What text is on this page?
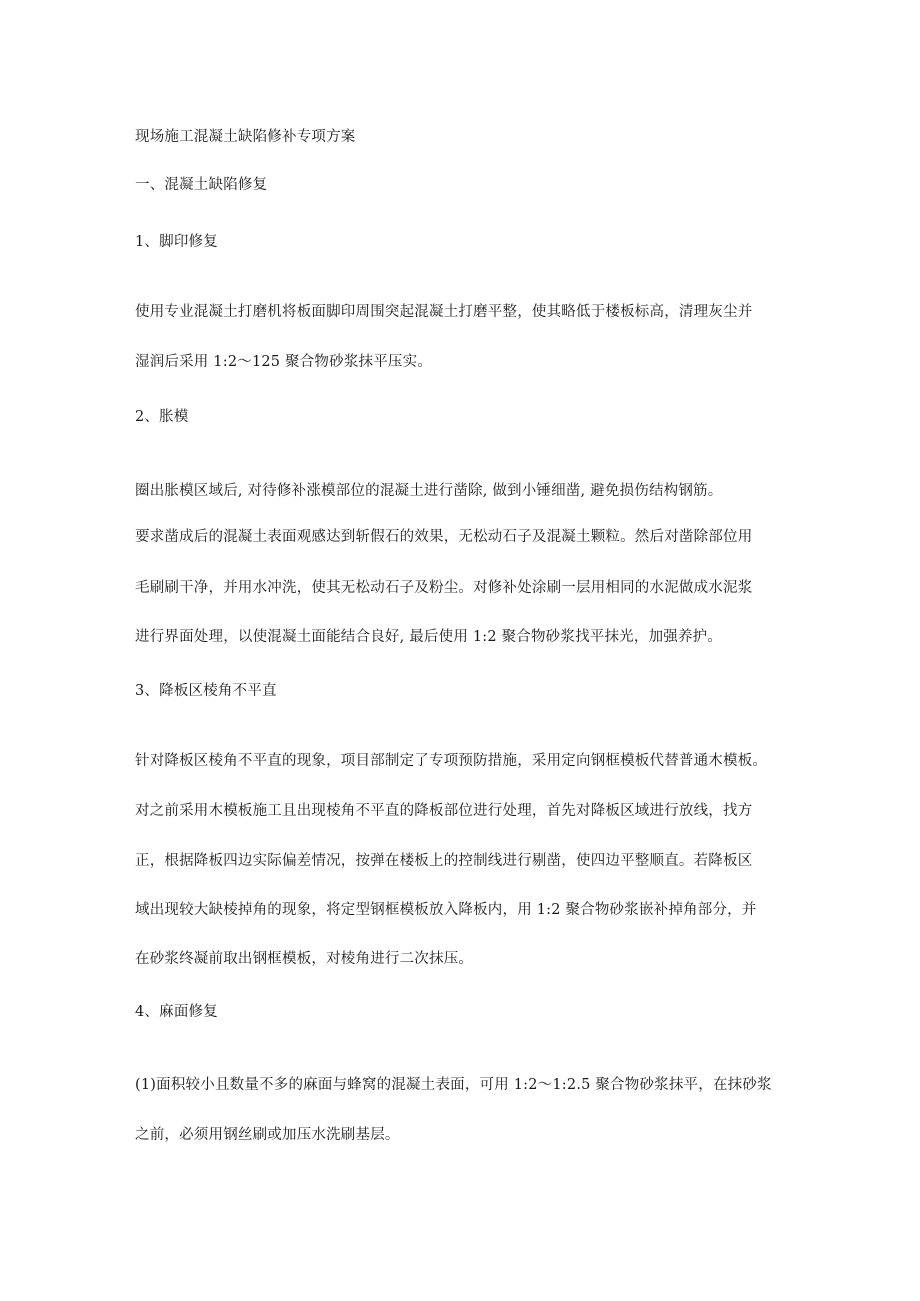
现场施工混凝土缺陷修补专项方案
一、混凝土缺陷修复
1、脚印修复
使用专业混凝土打磨机将板面脚印周围突起混凝土打磨平整，使其略低于楼板标高，清理灰尘并
湿润后采用 1:2～125 聚合物砂浆抹平压实。
2、胀模
圈出胀模区域后, 对待修补涨模部位的混凝土进行凿除, 做到小锤细凿, 避免损伤结构钢筋。
要求凿成后的混凝土表面观感达到斩假石的效果，无松动石子及混凝土颗粒。然后对凿除部位用
毛刷刷干净，并用水冲洗，使其无松动石子及粉尘。对修补处涂刷一层用相同的水泥做成水泥浆
进行界面处理，以使混凝土面能结合良好, 最后使用 1:2 聚合物砂浆找平抹光，加强养护。
3、降板区棱角不平直
针对降板区棱角不平直的现象，项目部制定了专项预防措施，采用定向钢框模板代替普通木模板。
对之前采用木模板施工且出现棱角不平直的降板部位进行处理，首先对降板区域进行放线，找方
正，根据降板四边实际偏差情况，按弹在楼板上的控制线进行剔凿，使四边平整顺直。若降板区
域出现较大缺棱掉角的现象，将定型钢框模板放入降板内，用 1:2 聚合物砂浆嵌补掉角部分，并
在砂浆终凝前取出钢框模板，对棱角进行二次抹压。
4、麻面修复
(1)面积较小且数量不多的麻面与蜂窝的混凝土表面，可用 1:2～1:2.5 聚合物砂浆抹平，在抹砂浆
之前，必须用钢丝刷或加压水洗刷基层。
